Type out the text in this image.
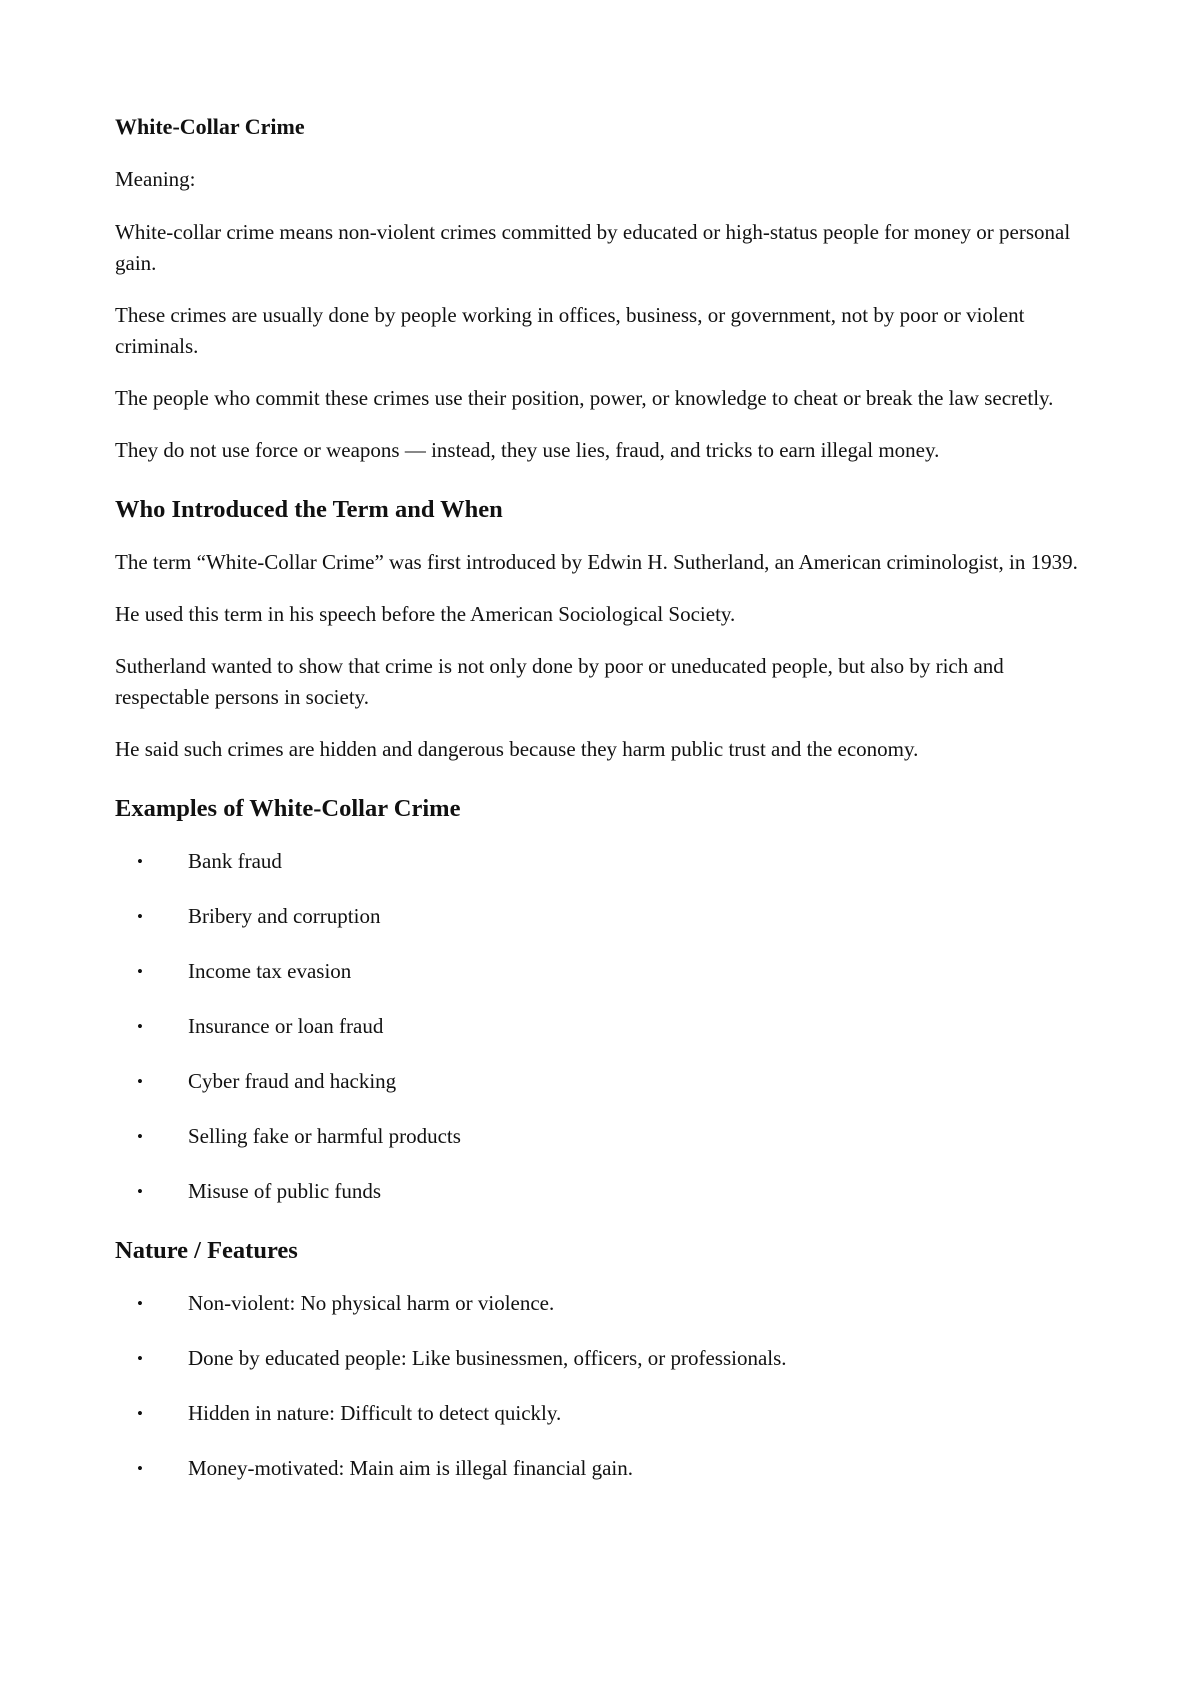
White-Collar Crime

Meaning:

White-collar crime means non-violent crimes committed by educated or high-status people for money or personal gain.

These crimes are usually done by people working in offices, business, or government, not by poor or violent criminals.

The people who commit these crimes use their position, power, or knowledge to cheat or break the law secretly.

They do not use force or weapons — instead, they use lies, fraud, and tricks to earn illegal money.

Who Introduced the Term and When

The term “White-Collar Crime” was first introduced by Edwin H. Sutherland, an American criminologist, in 1939.

He used this term in his speech before the American Sociological Society.

Sutherland wanted to show that crime is not only done by poor or uneducated people, but also by rich and respectable persons in society.

He said such crimes are hidden and dangerous because they harm public trust and the economy.

Examples of White-Collar Crime
• Bank fraud
• Bribery and corruption
• Income tax evasion
• Insurance or loan fraud
• Cyber fraud and hacking
• Selling fake or harmful products
• Misuse of public funds
Nature / Features
• Non-violent: No physical harm or violence.
• Done by educated people: Like businessmen, officers, or professionals.
• Hidden in nature: Difficult to detect quickly.
• Money-motivated: Main aim is illegal financial gain.
